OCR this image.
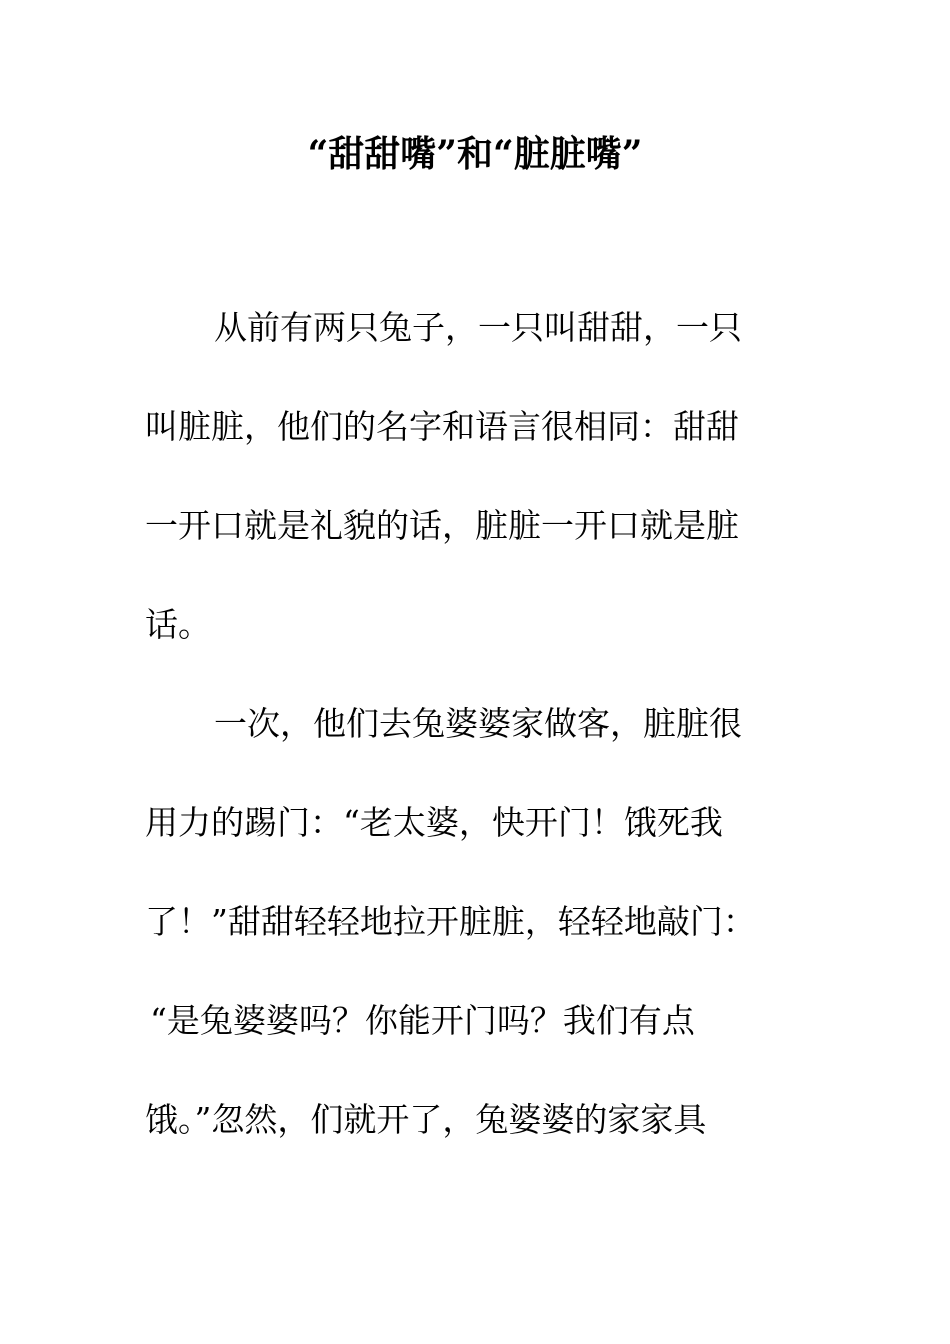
“甜甜嘴”和“脏脏嘴”

从前有两只兔子，一只叫甜甜，一只

叫脏脏，他们的名字和语言很相同：甜甜

一开口就是礼貌的话，脏脏一开口就是脏

话。

一次，他们去兔婆婆家做客，脏脏很

用力的踢门：“老太婆，快开门！饿死我

了！”甜甜轻轻地拉开脏脏，轻轻地敲门：

“是兔婆婆吗？你能开门吗？我们有点

饿。”忽然，们就开了，兔婆婆的家家具
